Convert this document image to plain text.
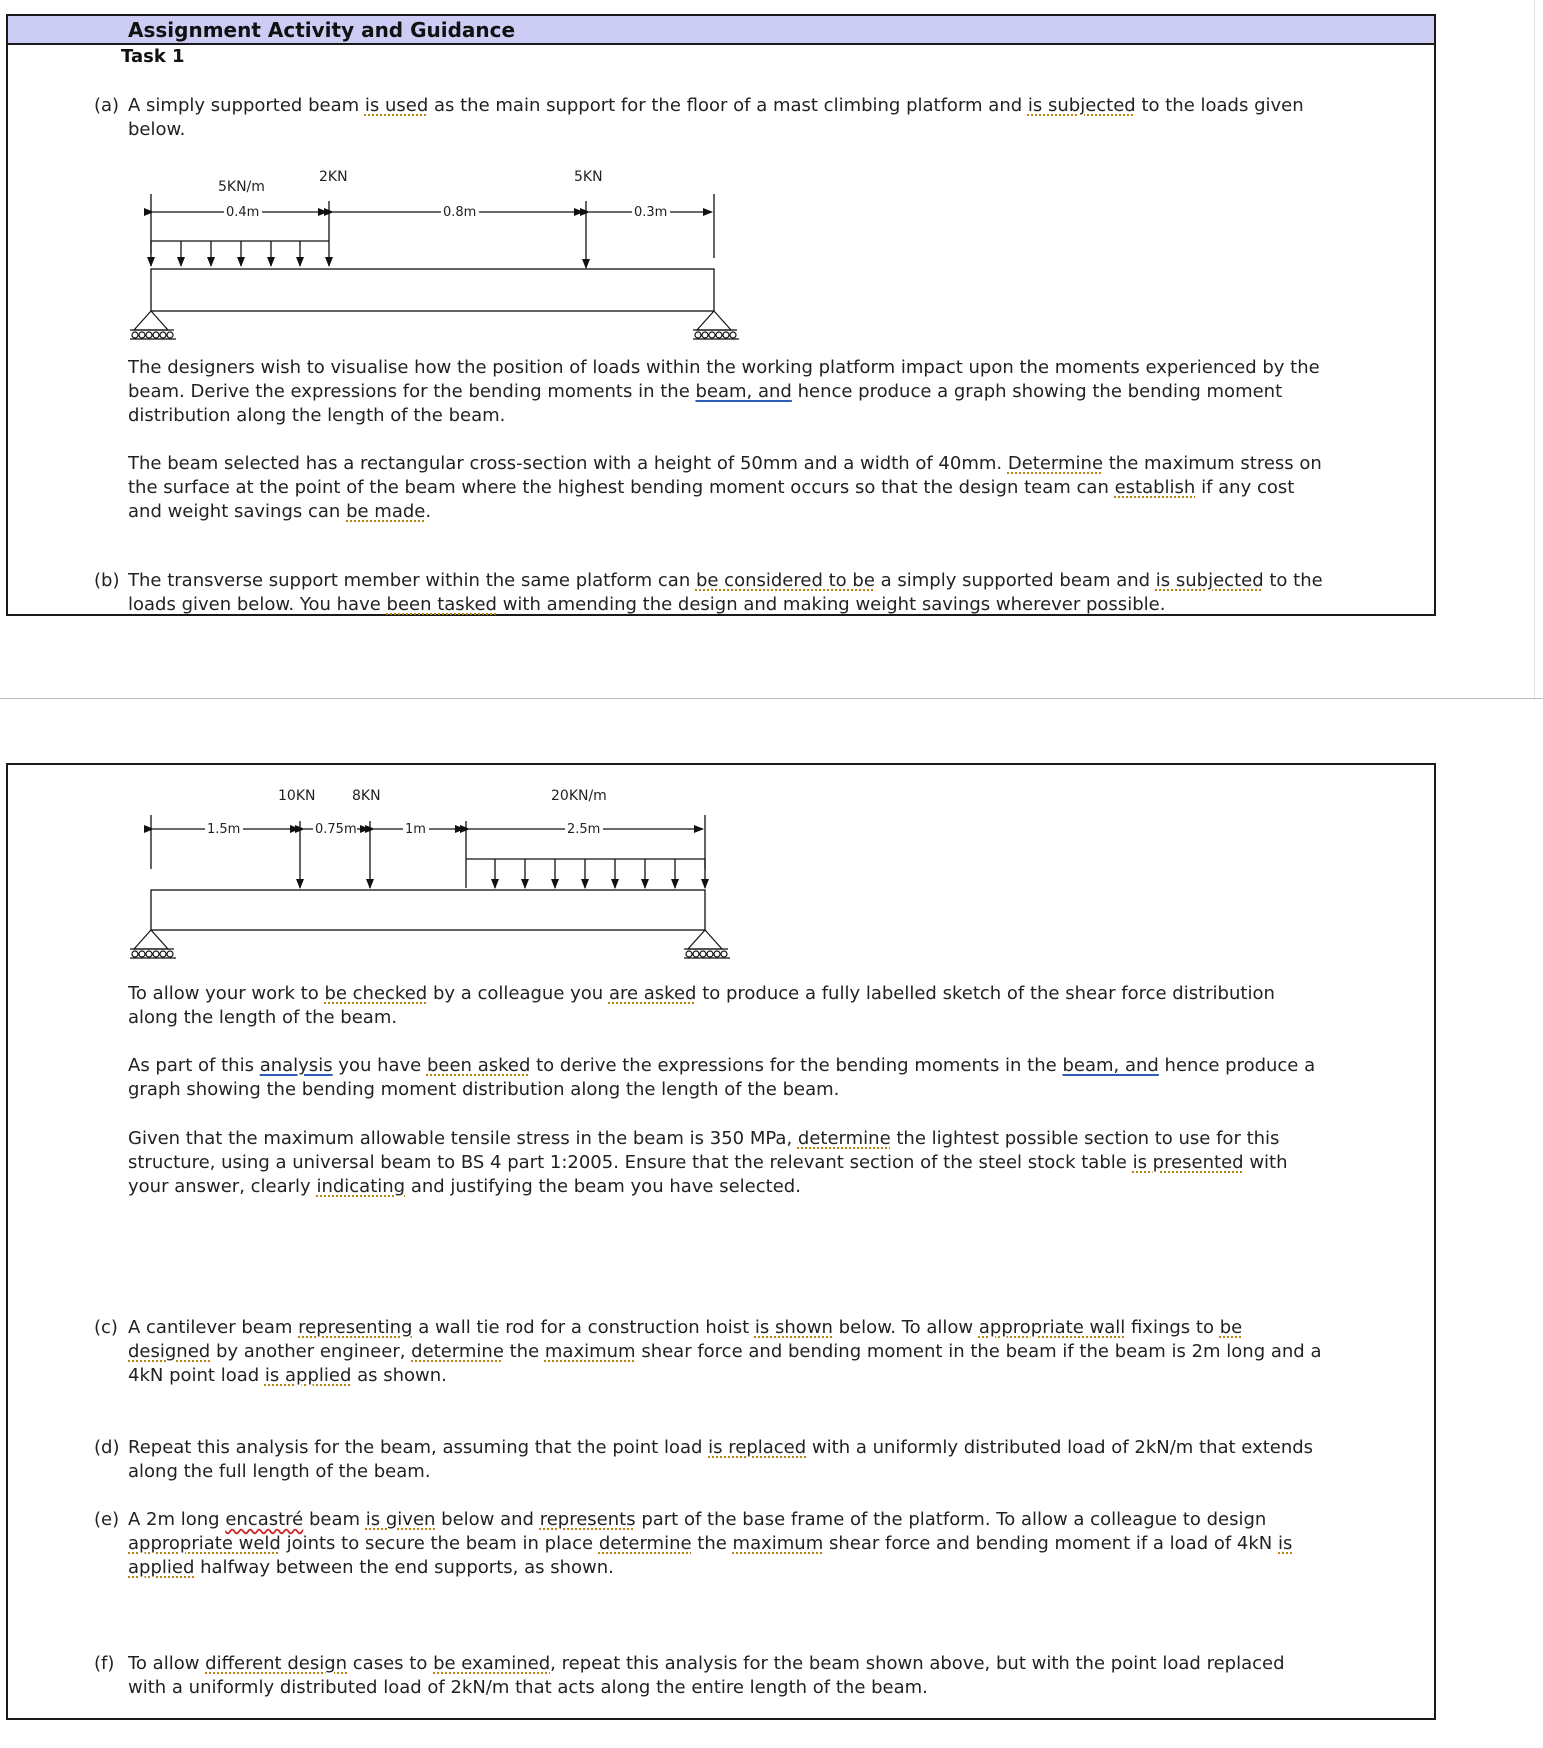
Assignment Activity and Guidance
Task 1

(a) A simply supported beam is used as the main support for the floor of a mast climbing platform and is subjected to the loads given below.

5KN/m
2KN	5KN
0.4m	0.8m	0.3m

The designers wish to visualise how the position of loads within the working platform impact upon the moments experienced by the beam. Derive the expressions for the bending moments in the beam, and hence produce a graph showing the bending moment distribution along the length of the beam.

The beam selected has a rectangular cross-section with a height of 50mm and a width of 40mm. Determine the maximum stress on the surface at the point of the beam where the highest bending moment occurs so that the design team can establish if any cost and weight savings can be made.

(b) The transverse support member within the same platform can be considered to be a simply supported beam and is subjected to the loads given below. You have been tasked with amending the design and making weight savings wherever possible.

10KN	8KN	20KN/m
1.5m	0.75m	1m	2.5m

To allow your work to be checked by a colleague you are asked to produce a fully labelled sketch of the shear force distribution along the length of the beam.

As part of this analysis you have been asked to derive the expressions for the bending moments in the beam, and hence produce a graph showing the bending moment distribution along the length of the beam.

Given that the maximum allowable tensile stress in the beam is 350 MPa, determine the lightest possible section to use for this structure, using a universal beam to BS 4 part 1:2005. Ensure that the relevant section of the steel stock table is presented with your answer, clearly indicating and justifying the beam you have selected.

(c) A cantilever beam representing a wall tie rod for a construction hoist is shown below. To allow appropriate wall fixings to be designed by another engineer, determine the maximum shear force and bending moment in the beam if the beam is 2m long and a 4kN point load is applied as shown.

(d) Repeat this analysis for the beam, assuming that the point load is replaced with a uniformly distributed load of 2kN/m that extends along the full length of the beam.

(e) A 2m long encastré beam is given below and represents part of the base frame of the platform. To allow a colleague to design appropriate weld joints to secure the beam in place determine the maximum shear force and bending moment if a load of 4kN is applied halfway between the end supports, as shown.

(f) To allow different design cases to be examined, repeat this analysis for the beam shown above, but with the point load replaced with a uniformly distributed load of 2kN/m that acts along the entire length of the beam.
